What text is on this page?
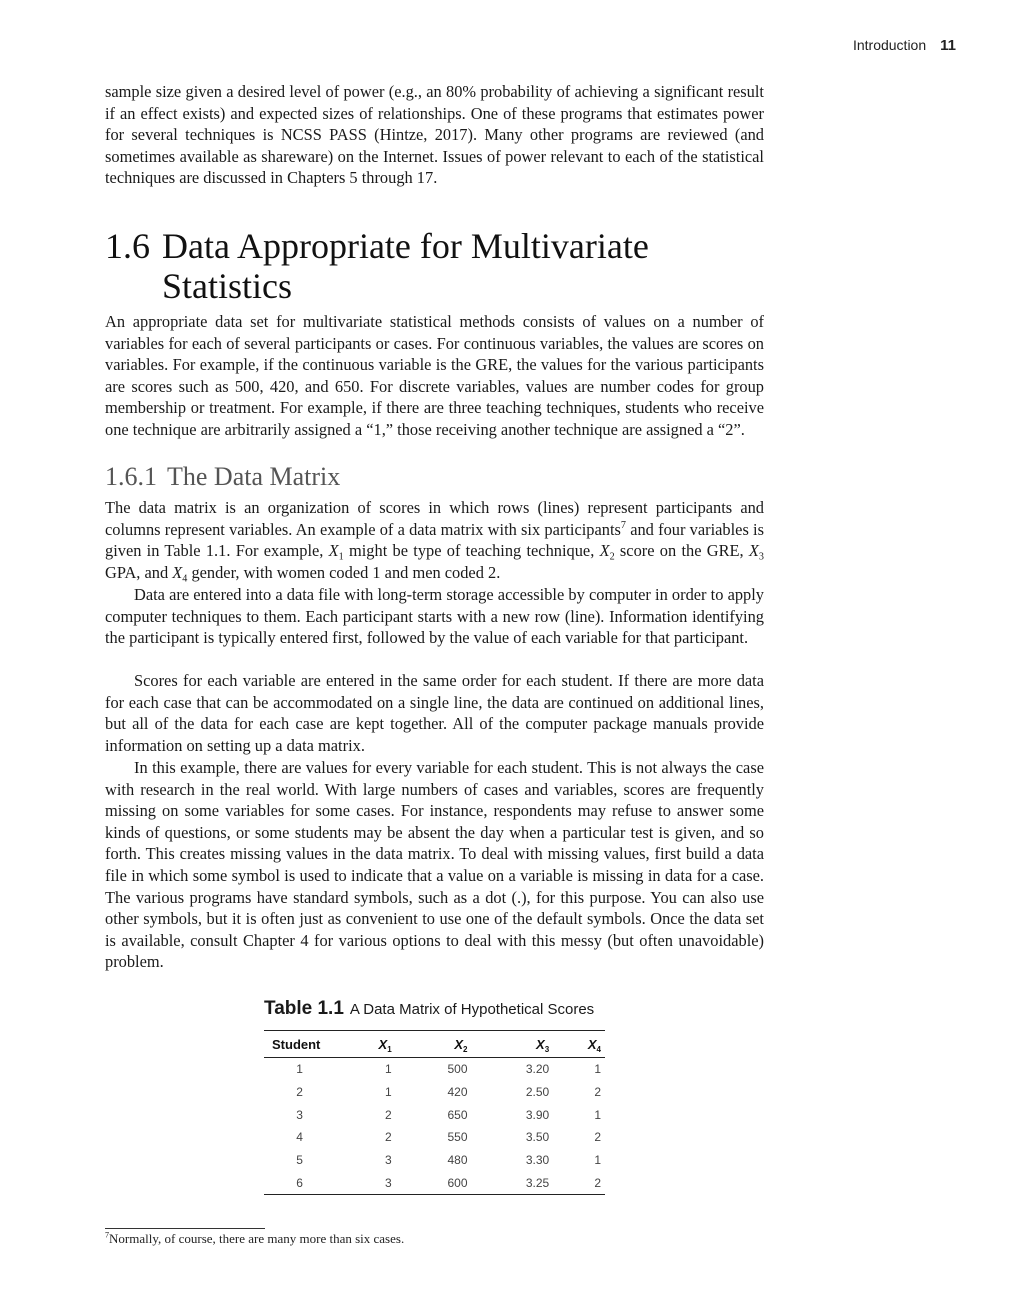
Introduction 11

sample size given a desired level of power (e.g., an 80% probability of achieving a significant result if an effect exists) and expected sizes of relationships. One of these programs that estimates power for several techniques is NCSS PASS (Hintze, 2017). Many other programs are reviewed (and sometimes available as shareware) on the Internet. Issues of power relevant to each of the statistical techniques are discussed in Chapters 5 through 17.

1.6 Data Appropriate for Multivariate
Statistics

An appropriate data set for multivariate statistical methods consists of values on a number of variables for each of several participants or cases. For continuous variables, the values are scores on variables. For example, if the continuous variable is the GRE, the values for the various participants are scores such as 500, 420, and 650. For discrete variables, values are number codes for group membership or treatment. For example, if there are three teaching techniques, students who receive one technique are arbitrarily assigned a “1,” those receiving another technique are assigned a “2”.

1.6.1 The Data Matrix

The data matrix is an organization of scores in which rows (lines) represent participants and columns represent variables. An example of a data matrix with six participants$^7$ and four variables is given in Table 1.1. For example, $X_1$ might be type of teaching technique, $X_2$ score on the GRE, $X_3$ GPA, and $X_4$ gender, with women coded 1 and men coded 2.

Data are entered into a data file with long-term storage accessible by computer in order to apply computer techniques to them. Each participant starts with a new row (line). Information identifying the participant is typically entered first, followed by the value of each variable for that participant.

Scores for each variable are entered in the same order for each student. If there are more data for each case that can be accommodated on a single line, the data are continued on additional lines, but all of the data for each case are kept together. All of the computer package manuals provide information on setting up a data matrix.

In this example, there are values for every variable for each student. This is not always the case with research in the real world. With large numbers of cases and variables, scores are frequently missing on some variables for some cases. For instance, respondents may refuse to answer some kinds of questions, or some students may be absent the day when a particular test is given, and so forth. This creates missing values in the data matrix. To deal with missing values, first build a data file in which some symbol is used to indicate that a value on a variable is missing in data for a case. The various programs have standard symbols, such as a dot (.), for this purpose. You can also use other symbols, but it is often just as convenient to use one of the default symbols. Once the data set is available, consult Chapter 4 for various options to deal with this messy (but often unavoidable) problem.

Table 1.1 A Data Matrix of Hypothetical Scores
Student	$X_1$	$X_2$	$X_3$	$X_4$
1	1	500	3.20	1
2	1	420	2.50	2
3	2	650	3.90	1
4	2	550	3.50	2
5	3	480	3.30	1
6	3	600	3.25	2
$^7$Normally, of course, there are many more than six cases.
